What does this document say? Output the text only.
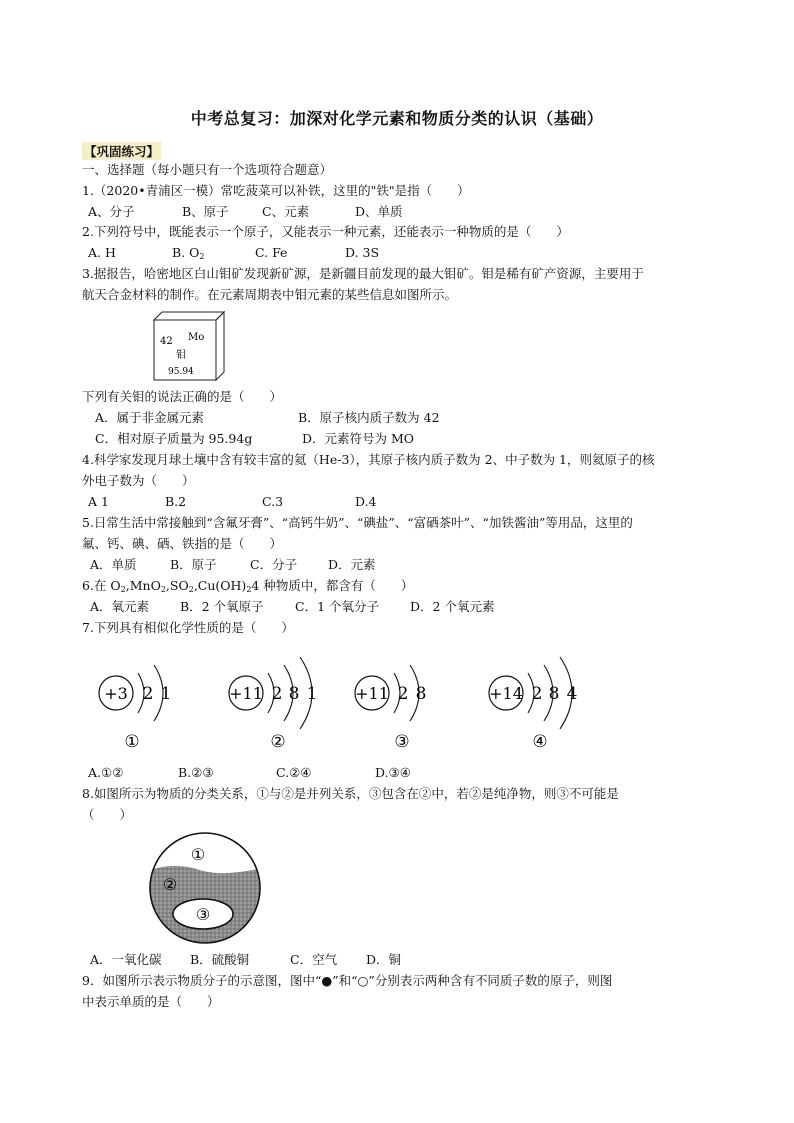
中考总复习：加深对化学元素和物质分类的认识（基础）
【巩固练习】
一、选择题（每小题只有一个选项符合题意）
1.（2020•青浦区一模）常吃菠菜可以补铁，这里的"铁"是指（　　）
A、分子	B、原子	C、元素	D、单质
2.下列符号中，既能表示一个原子，又能表示一种元素，还能表示一种物质的是（　　）
A. H	B. $O_2$	C. Fe	D. 3S
3.据报告，哈密地区白山钼矿发现新矿源，是新疆目前发现的最大钼矿。钼是稀有矿产资源，主要用于
航天合金材料的制作。在元素周期表中钼元素的某些信息如图所示。
42 Mo
钼
95.94
下列有关钼的说法正确的是（　　）
A．属于非金属元素	B．原子核内质子数为 42
C．相对原子质量为 95.94g	D．元素符号为 MO
4.科学家发现月球土壤中含有较丰富的氦（He-3），其原子核内质子数为 2、中子数为 1，则氦原子的核
外电子数为（　　）
A 1	B.2	C.3	D.4
5.日常生活中常接触到“含氟牙膏”、“高钙牛奶”、“碘盐”、“富硒茶叶”、“加铁酱油”等用品，这里的
氟、钙、碘、硒、铁指的是（　　）
A．单质	B．原子	C．分子 D．元素
6.在 $O_2,MnO_2,SO_2,Cu(OH)_24$ 种物质中，都含有（　　）
A．氧元素 B．2 个氧原子	C．1 个氧分子 D．2 个氧元素
7.下列具有相似化学性质的是（　　）
+3 2 1
①
+11 2 8 1
②
+11 2 8
③
+14 2 8 4
④
A.①②	B.②③	C.②④	D.③④
8.如图所示为物质的分类关系，①与②是并列关系，③包含在②中，若②是纯净物，则③不可能是
（　　）
①
②
③
A．一氧化碳 B．硫酸铜	C．空气 D．铜
9．如图所示表示物质分子的示意图，图中“●”和“○”分别表示两种含有不同质子数的原子，则图
中表示单质的是（　　）
